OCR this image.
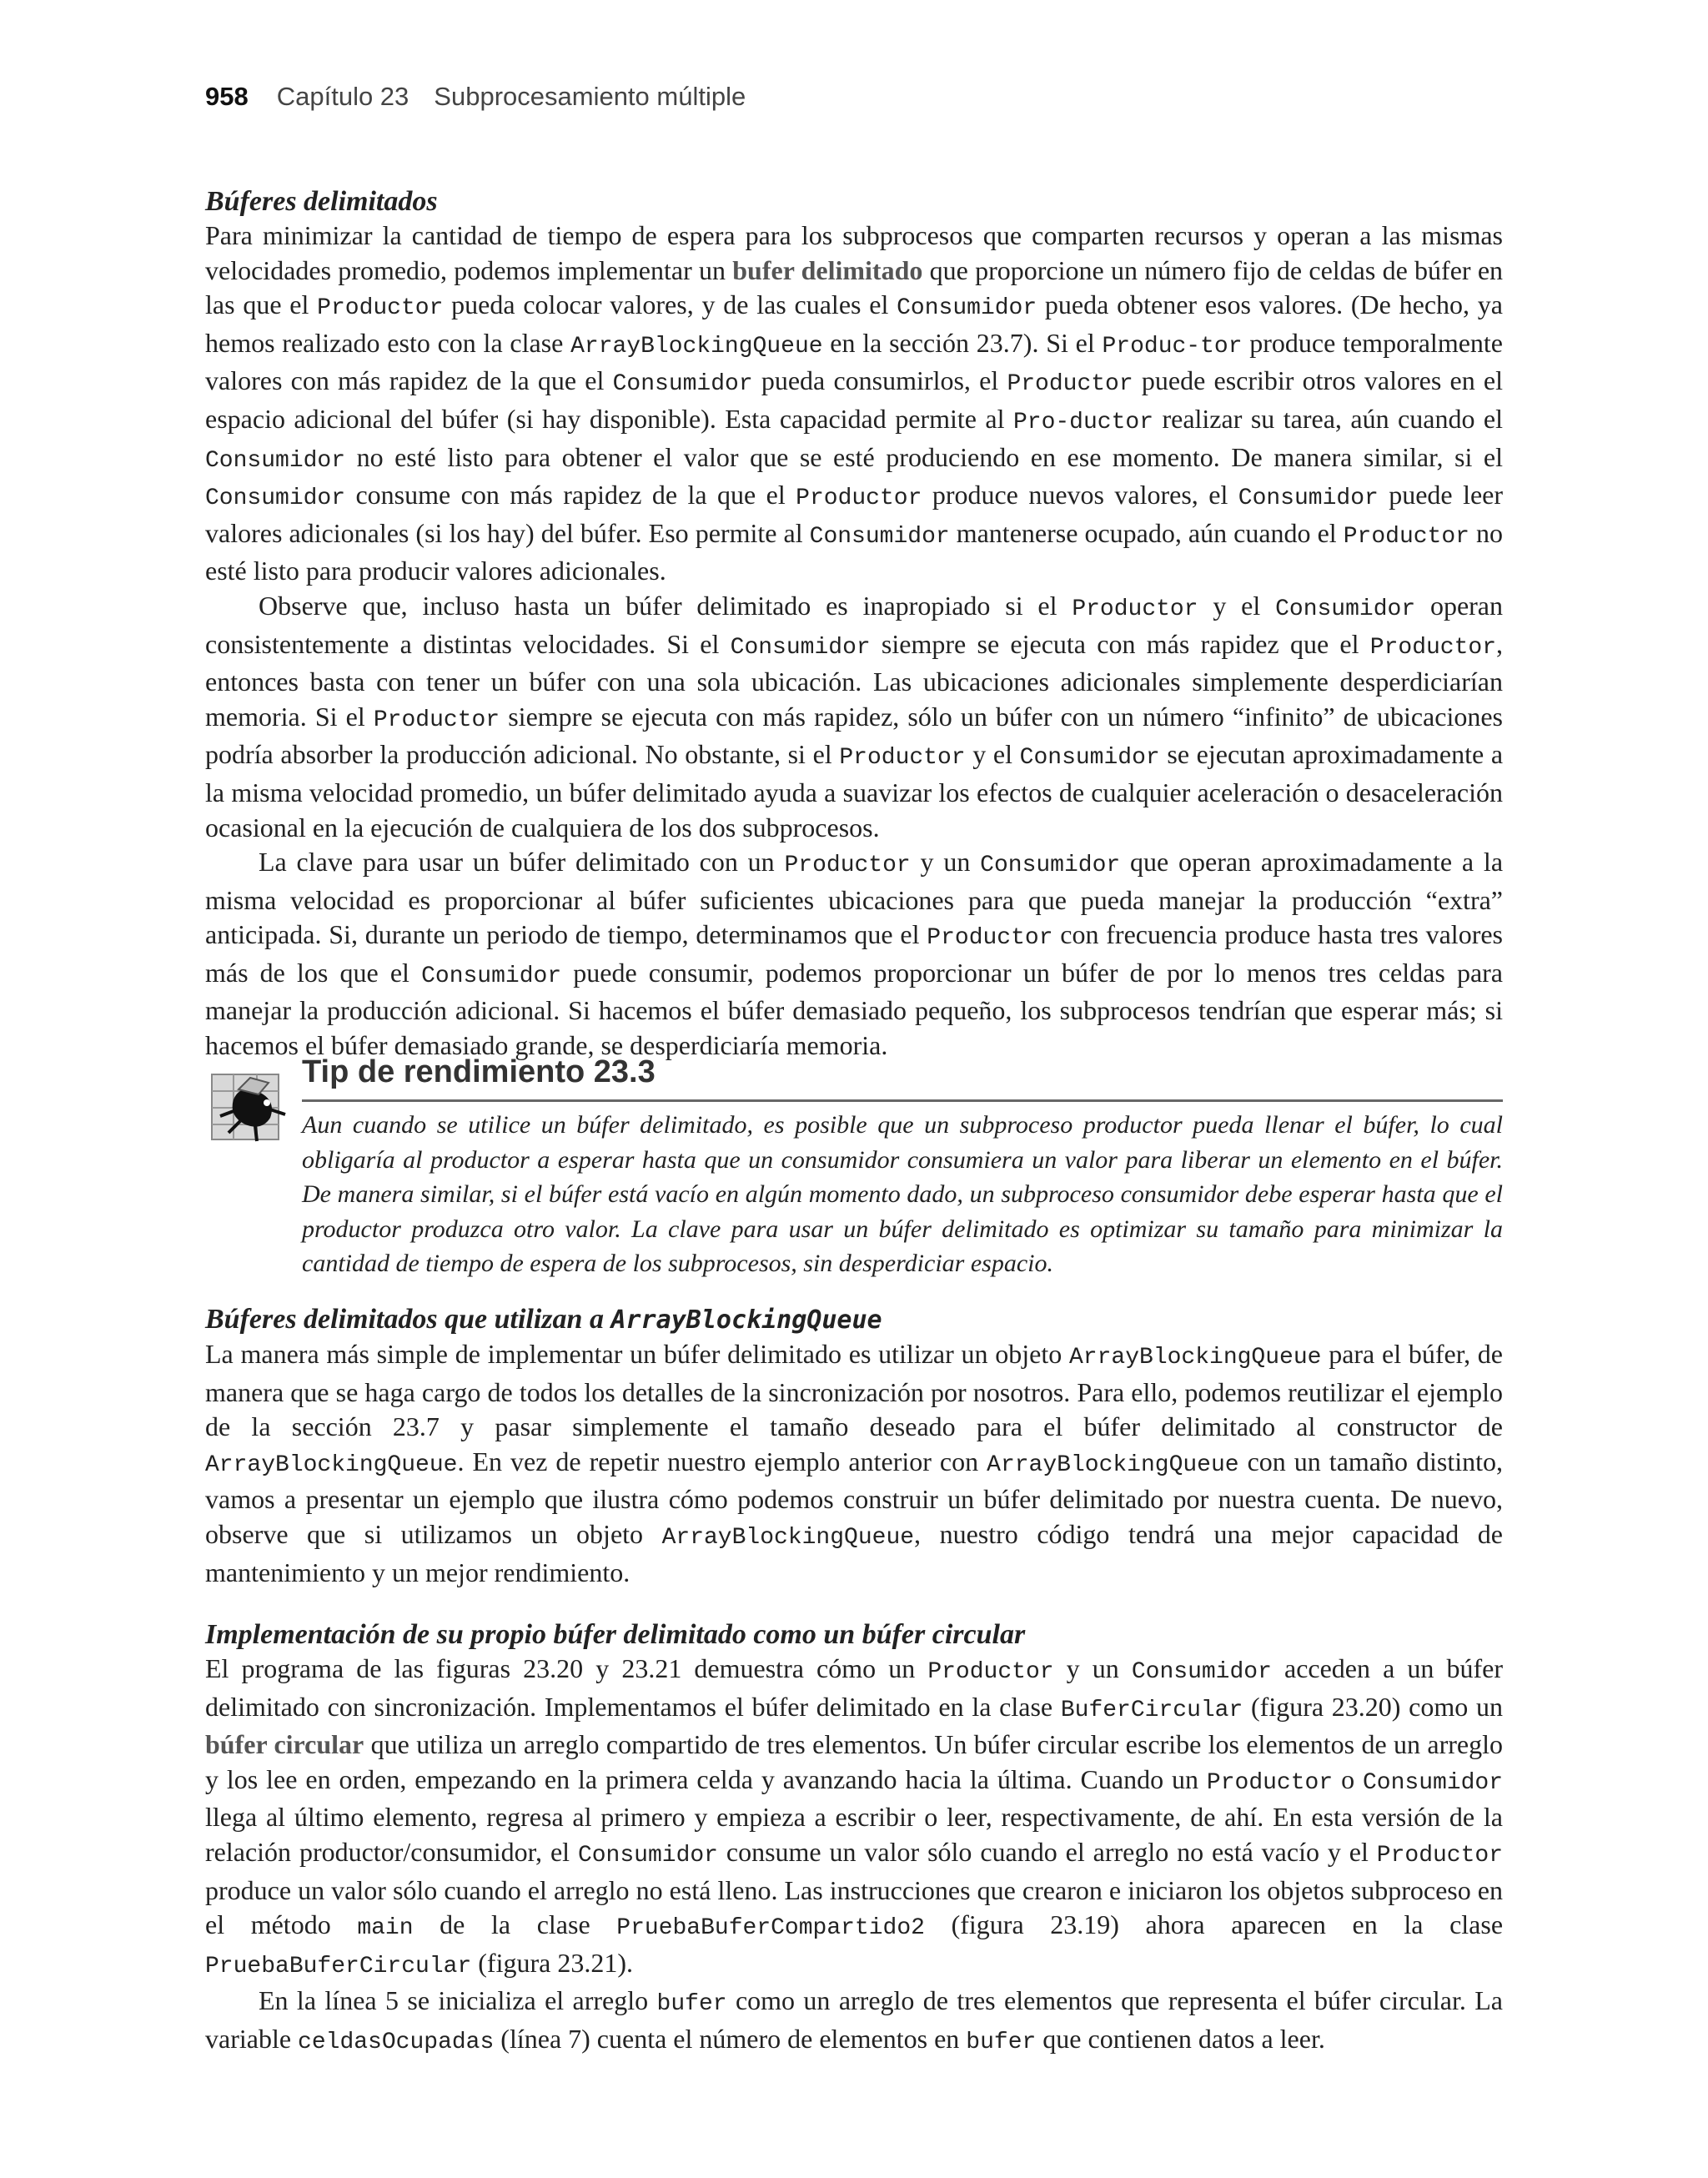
958 Capítulo 23 Subprocesamiento múltiple
Búferes delimitados

Para minimizar la cantidad de tiempo de espera para los subprocesos que comparten recursos y operan a las mismas velocidades promedio, podemos implementar un bufer delimitado que proporcione un número fijo de celdas de búfer en las que el Productor pueda colocar valores, y de las cuales el Consumidor pueda obtener esos valores. (De hecho, ya hemos realizado esto con la clase ArrayBlockingQueue en la sección 23.7). Si el Produc-tor produce temporalmente valores con más rapidez de la que el Consumidor pueda consumirlos, el Productor puede escribir otros valores en el espacio adicional del búfer (si hay disponible). Esta capacidad permite al Pro-ductor realizar su tarea, aún cuando el Consumidor no esté listo para obtener el valor que se esté produciendo en ese momento. De manera similar, si el Consumidor consume con más rapidez de la que el Productor produce nuevos valores, el Consumidor puede leer valores adicionales (si los hay) del búfer. Eso permite al Consumidor mantenerse ocupado, aún cuando el Productor no esté listo para producir valores adicionales.

Observe que, incluso hasta un búfer delimitado es inapropiado si el Productor y el Consumidor operan consistentemente a distintas velocidades. Si el Consumidor siempre se ejecuta con más rapidez que el Productor, entonces basta con tener un búfer con una sola ubicación. Las ubicaciones adicionales simplemente desperdiciarían memoria. Si el Productor siempre se ejecuta con más rapidez, sólo un búfer con un número “infinito” de ubicaciones podría absorber la producción adicional. No obstante, si el Productor y el Consumidor se ejecutan aproximadamente a la misma velocidad promedio, un búfer delimitado ayuda a suavizar los efectos de cualquier aceleración o desaceleración ocasional en la ejecución de cualquiera de los dos subprocesos.

La clave para usar un búfer delimitado con un Productor y un Consumidor que operan aproximadamente a la misma velocidad es proporcionar al búfer suficientes ubicaciones para que pueda manejar la producción “extra” anticipada. Si, durante un periodo de tiempo, determinamos que el Productor con frecuencia produce hasta tres valores más de los que el Consumidor puede consumir, podemos proporcionar un búfer de por lo menos tres celdas para manejar la producción adicional. Si hacemos el búfer demasiado pequeño, los subprocesos tendrían que esperar más; si hacemos el búfer demasiado grande, se desperdiciaría memoria.

Tip de rendimiento 23.3
Aun cuando se utilice un búfer delimitado, es posible que un subproceso productor pueda llenar el búfer, lo cual obligaría al productor a esperar hasta que un consumidor consumiera un valor para liberar un elemento en el búfer. De manera similar, si el búfer está vacío en algún momento dado, un subproceso consumidor debe esperar hasta que el productor produzca otro valor. La clave para usar un búfer delimitado es optimizar su tamaño para minimizar la cantidad de tiempo de espera de los subprocesos, sin desperdiciar espacio.
Búferes delimitados que utilizan a ArrayBlockingQueue

La manera más simple de implementar un búfer delimitado es utilizar un objeto ArrayBlockingQueue para el búfer, de manera que se haga cargo de todos los detalles de la sincronización por nosotros. Para ello, podemos reutilizar el ejemplo de la sección 23.7 y pasar simplemente el tamaño deseado para el búfer delimitado al constructor de ArrayBlockingQueue. En vez de repetir nuestro ejemplo anterior con ArrayBlockingQueue con un tamaño distinto, vamos a presentar un ejemplo que ilustra cómo podemos construir un búfer delimitado por nuestra cuenta. De nuevo, observe que si utilizamos un objeto ArrayBlockingQueue, nuestro código tendrá una mejor capacidad de mantenimiento y un mejor rendimiento.

Implementación de su propio búfer delimitado como un búfer circular

El programa de las figuras 23.20 y 23.21 demuestra cómo un Productor y un Consumidor acceden a un búfer delimitado con sincronización. Implementamos el búfer delimitado en la clase BuferCircular (figura 23.20) como un búfer circular que utiliza un arreglo compartido de tres elementos. Un búfer circular escribe los elementos de un arreglo y los lee en orden, empezando en la primera celda y avanzando hacia la última. Cuando un Productor o Consumidor llega al último elemento, regresa al primero y empieza a escribir o leer, respectivamente, de ahí. En esta versión de la relación productor/consumidor, el Consumidor consume un valor sólo cuando el arreglo no está vacío y el Productor produce un valor sólo cuando el arreglo no está lleno. Las instrucciones que crearon e iniciaron los objetos subproceso en el método main de la clase PruebaBuferCompartido2 (figura 23.19) ahora aparecen en la clase PruebaBuferCircular (figura 23.21).

En la línea 5 se inicializa el arreglo bufer como un arreglo de tres elementos que representa el búfer circular. La variable celdasOcupadas (línea 7) cuenta el número de elementos en bufer que contienen datos a leer.
